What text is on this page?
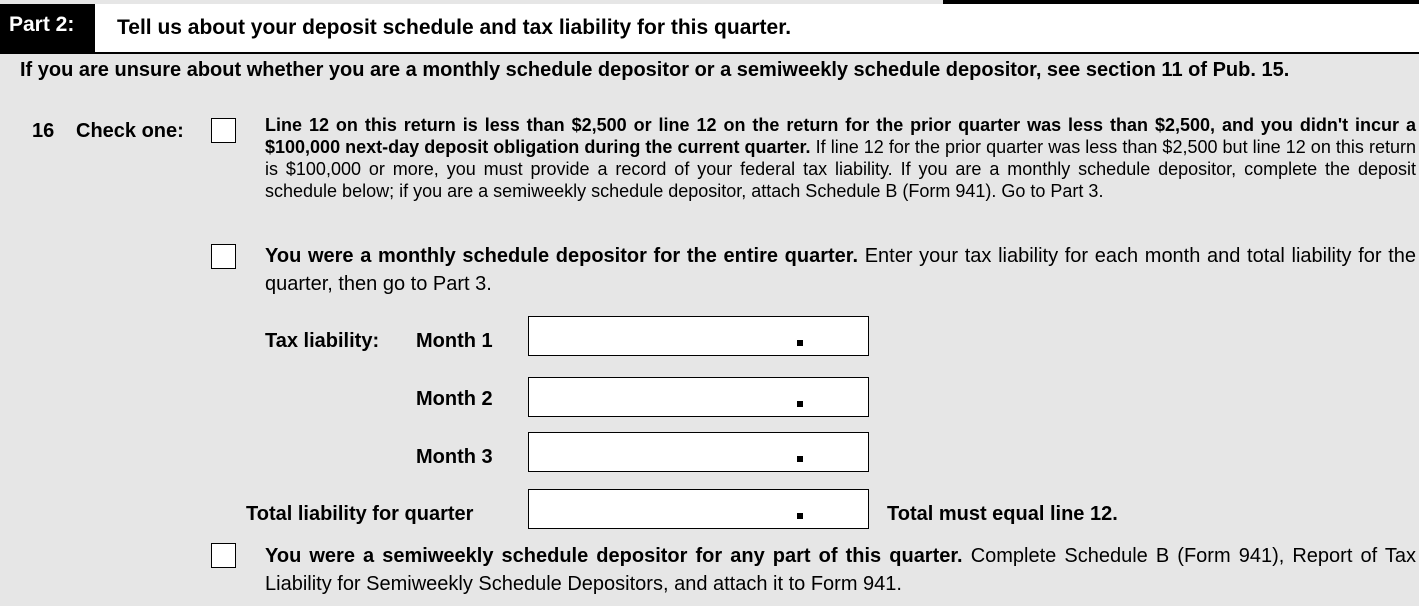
Part 2:	Tell us about your deposit schedule and tax liability for this quarter.
If you are unsure about whether you are a monthly schedule depositor or a semiweekly schedule depositor, see section 11 of Pub. 15.
16 Check one:	Line 12 on this return is less than $2,500 or line 12 on the return for the prior quarter was less than $2,500, and you didn't incur a $100,000 next-day deposit obligation during the current quarter. If line 12 for the prior quarter was less than $2,500 but line 12 on this return is $100,000 or more, you must provide a record of your federal tax liability. If you are a monthly schedule depositor, complete the deposit schedule below; if you are a semiweekly schedule depositor, attach Schedule B (Form 941). Go to Part 3.
You were a monthly schedule depositor for the entire quarter. Enter your tax liability for each month and total liability for the quarter, then go to Part 3.
Tax liability: Month 1
Month 2
Month 3
Total liability for quarter	Total must equal line 12.
You were a semiweekly schedule depositor for any part of this quarter. Complete Schedule B (Form 941), Report of Tax Liability for Semiweekly Schedule Depositors, and attach it to Form 941.
